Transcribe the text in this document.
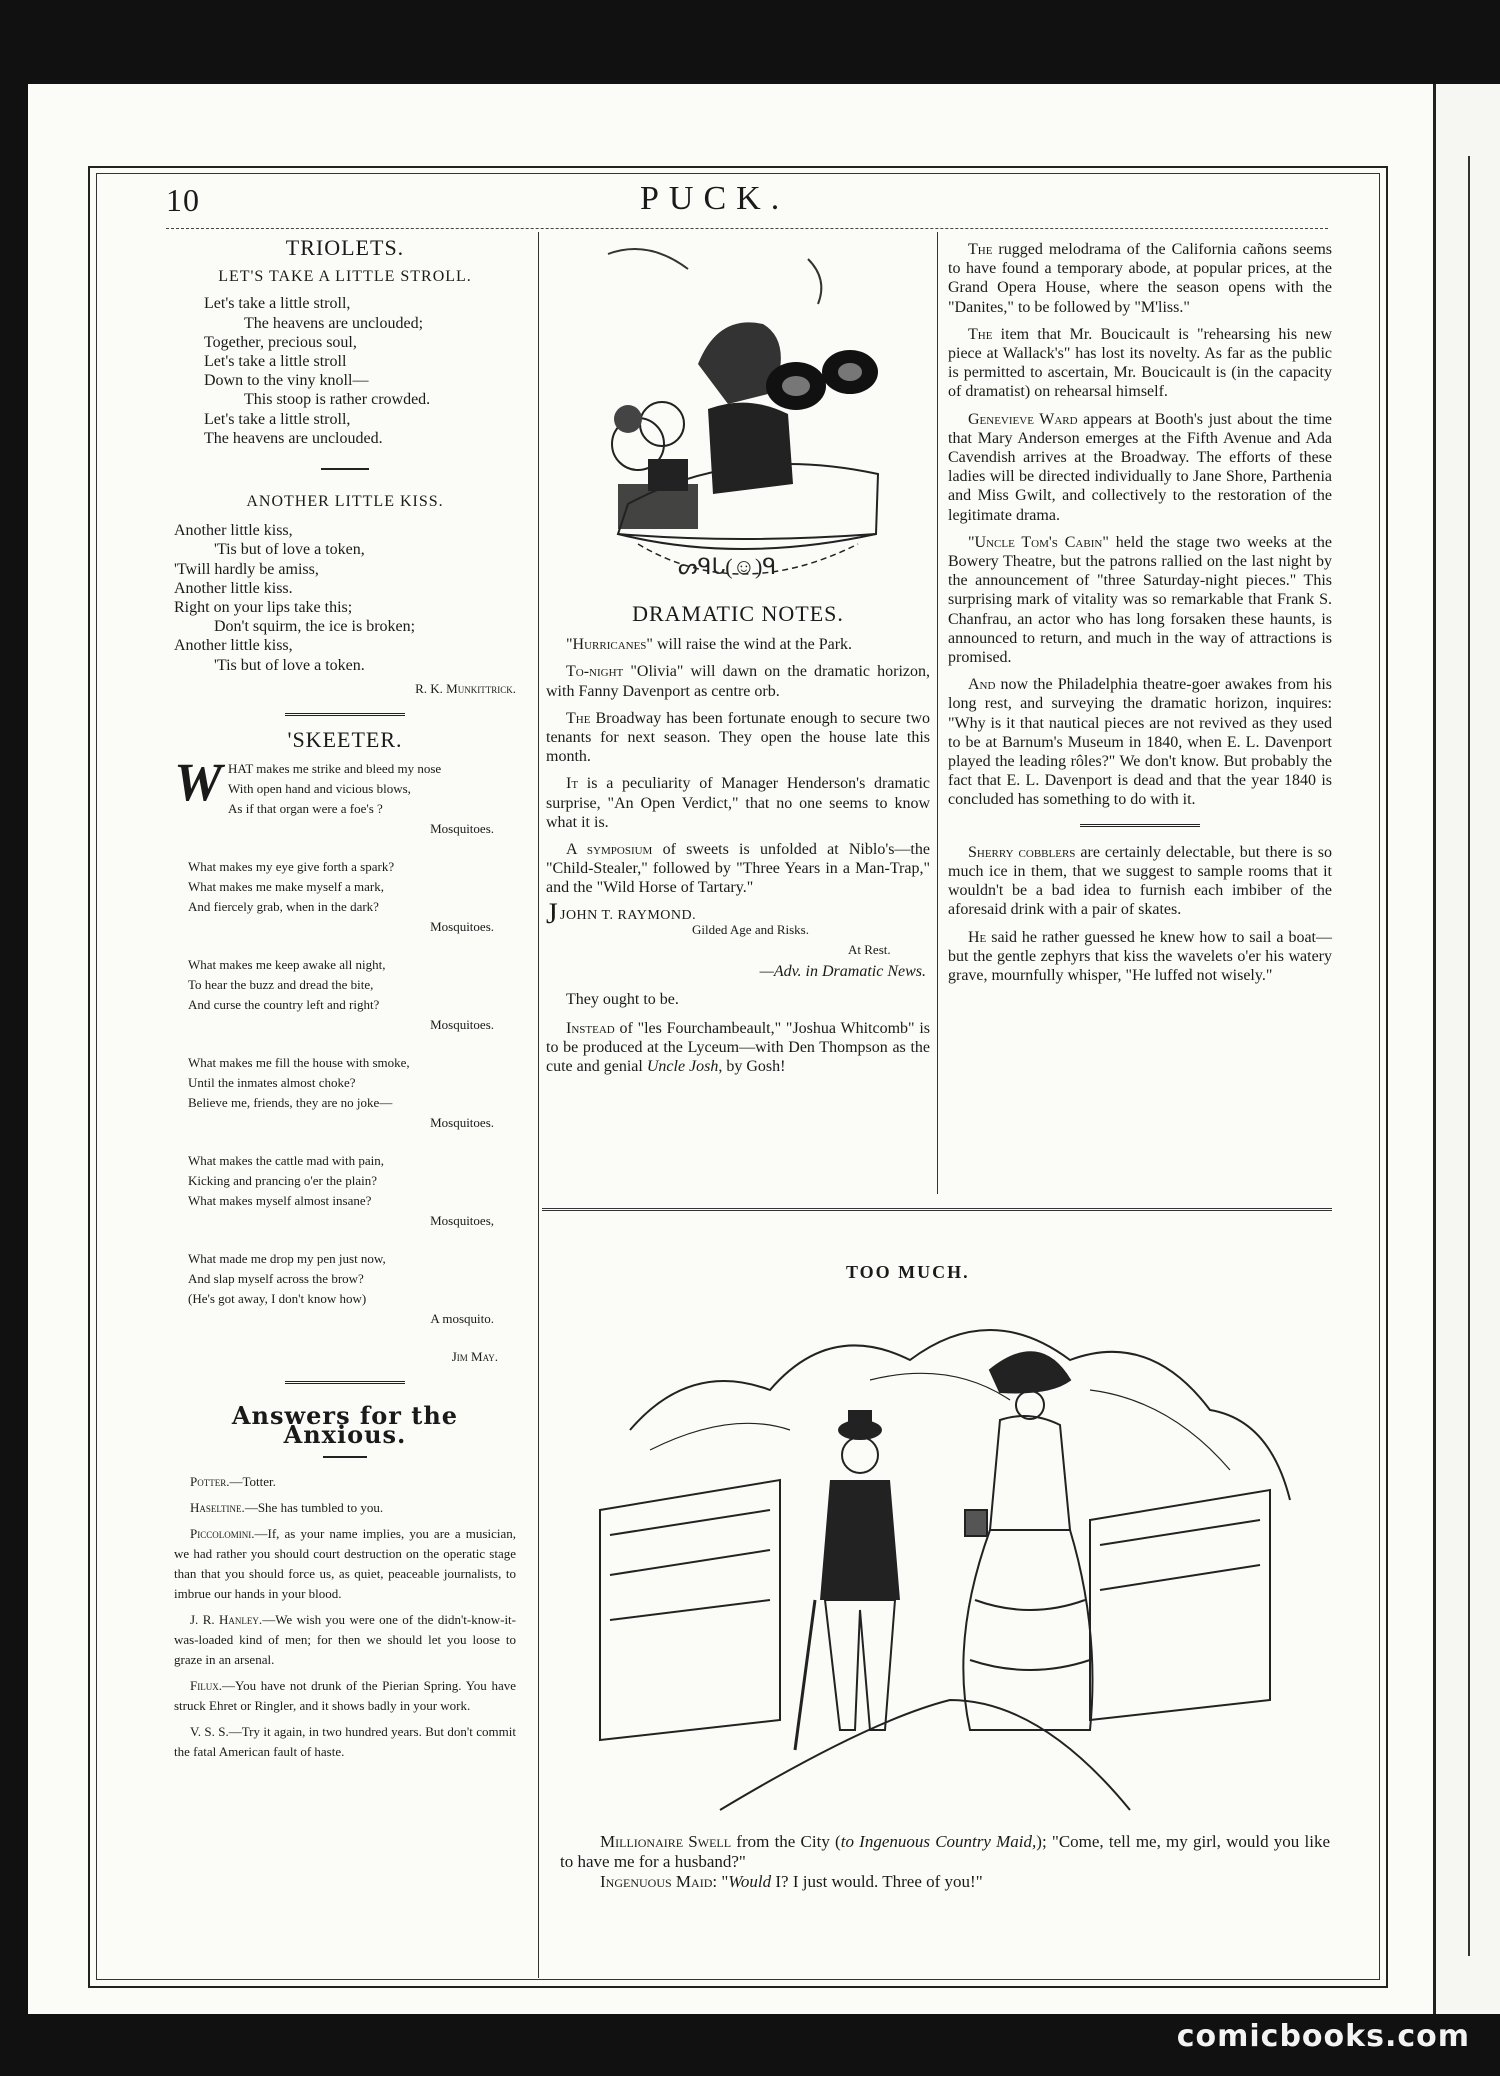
10	PUCK.
TRIOLETS.
LET'S TAKE A LITTLE STROLL.
Let's take a little stroll,
The heavens are unclouded;
Together, precious soul,
Let's take a little stroll
Down to the viny knoll—
This stoop is rather crowded.
Let's take a little stroll,
The heavens are unclouded.
ANOTHER LITTLE KISS.
Another little kiss,
'Tis but of love a token,
'Twill hardly be amiss,
Another little kiss.
Right on your lips take this;
Don't squirm, the ice is broken;
Another little kiss,
'Tis but of love a token.
R. K. Munkittrick.
'SKEETER.
W HAT makes me strike and bleed my nose
With open hand and vicious blows,
As if that organ were a foe's ?
Mosquitoes.
What makes my eye give forth a spark?
What makes me make myself a mark,
And fiercely grab, when in the dark?
Mosquitoes.
What makes me keep awake all night,
To hear the buzz and dread the bite,
And curse the country left and right?
Mosquitoes.
What makes me fill the house with smoke,
Until the inmates almost choke?
Believe me, friends, they are no joke—
Mosquitoes.
What makes the cattle mad with pain,
Kicking and prancing o'er the plain?
What makes myself almost insane?
Mosquitoes,
What made me drop my pen just now,
And slap myself across the brow?
(He's got away, I don't know how)
A mosquito.
Jim May.
Answers for the Anxious.

Potter.—Totter.

Haseltine.—She has tumbled to you.

Piccolomini.—If, as your name implies, you are a musician, we had rather you should court destruction on the operatic stage than that you should force us, as quiet, peaceable journalists, to imbrue our hands in your blood.

J. R. Hanley.—We wish you were one of the didn't-know-it-was-loaded kind of men; for then we should let you loose to graze in an arsenal.

Filux.—You have not drunk of the Pierian Spring. You have struck Ehret or Ringler, and it shows badly in your work.

V. S. S.—Try it again, in two hundred years. But don't commit the fatal American fault of haste.

ᔕᑫᒐ(☺)ᑫ
DRAMATIC NOTES.

"Hurricanes" will raise the wind at the Park.

To-night "Olivia" will dawn on the dramatic horizon, with Fanny Davenport as centre orb.

The Broadway has been fortunate enough to secure two tenants for next season. They open the house late this month.

It is a peculiarity of Manager Henderson's dramatic surprise, "An Open Verdict," that no one seems to know what it is.

A symposium of sweets is unfolded at Niblo's—the "Child-Stealer," followed by "Three Years in a Man-Trap," and the "Wild Horse of Tartary."

J JOHN T. RAYMOND.
Gilded Age and Risks.
At Rest.
—Adv. in Dramatic News.

They ought to be.

Instead of "les Fourchambeault," "Joshua Whitcomb" is to be produced at the Lyceum—with Den Thompson as the cute and genial Uncle Josh, by Gosh!

The rugged melodrama of the California cañons seems to have found a temporary abode, at popular prices, at the Grand Opera House, where the season opens with the "Danites," to be followed by "M'liss."

The item that Mr. Boucicault is "rehearsing his new piece at Wallack's" has lost its novelty. As far as the public is permitted to ascertain, Mr. Boucicault is (in the capacity of dramatist) on rehearsal himself.

Genevieve Ward appears at Booth's just about the time that Mary Anderson emerges at the Fifth Avenue and Ada Cavendish arrives at the Broadway. The efforts of these ladies will be directed individually to Jane Shore, Parthenia and Miss Gwilt, and collectively to the restoration of the legitimate drama.

"Uncle Tom's Cabin" held the stage two weeks at the Bowery Theatre, but the patrons rallied on the last night by the announcement of "three Saturday-night pieces." This surprising mark of vitality was so remarkable that Frank S. Chanfrau, an actor who has long forsaken these haunts, is announced to return, and much in the way of attractions is promised.

And now the Philadelphia theatre-goer awakes from his long rest, and surveying the dramatic horizon, inquires: "Why is it that nautical pieces are not revived as they used to be at Barnum's Museum in 1840, when E. L. Davenport played the leading rôles?" We don't know. But probably the fact that E. L. Davenport is dead and that the year 1840 is concluded has something to do with it.

Sherry cobblers are certainly delectable, but there is so much ice in them, that we suggest to sample rooms that it wouldn't be a bad idea to furnish each imbiber of the aforesaid drink with a pair of skates.

He said he rather guessed he knew how to sail a boat—but the gentle zephyrs that kiss the wavelets o'er his watery grave, mournfully whisper, "He luffed not wisely."

TOO MUCH.
Millionaire Swell from the City (to Ingenuous Country Maid,); "Come, tell me, my girl, would you like to have me for a husband?"
Ingenuous Maid: "Would I? I just would. Three of you!"
comicbooks.com
